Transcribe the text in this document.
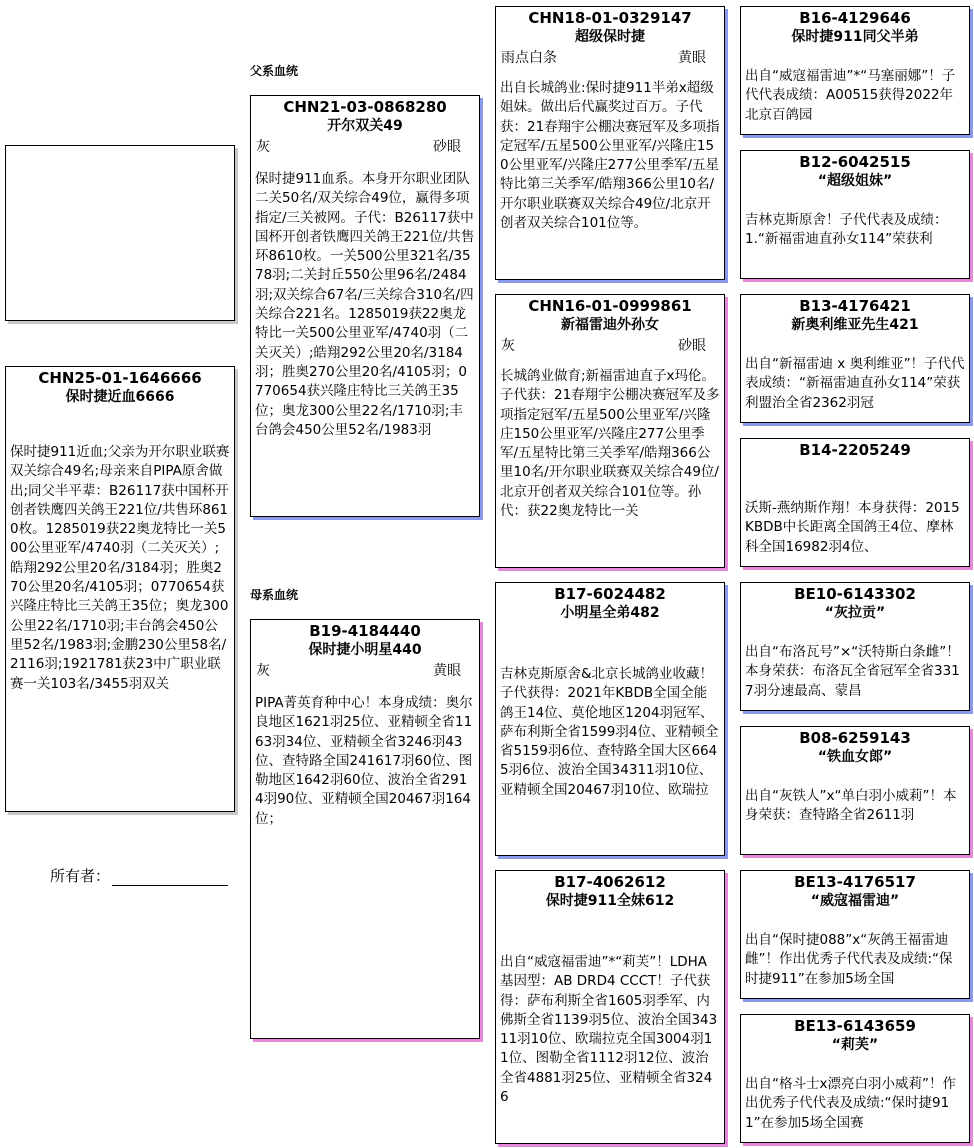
CHN25-01-1646666
保时捷近血6666
保时捷911近血;父亲为开尔职业联赛双关综合49名;母亲来自PIPA原舍做出;同父半平辈：B26117获中国杯开创者铁鹰四关鸽王221位/共售环8610枚。1285019获22奥龙特比一关500公里亚军/4740羽（二关灭关）;皓翔292公里20名/3184羽；胜奥270公里20名/4105羽；0770654获兴隆庄特比三关鸽王35位；奥龙300公里22名/1710羽;丰台鸽会450公里52名/1983羽;金鹏230公里58名/2116羽;1921781获23中广职业联赛一关103名/3455羽双关
所有者：
父系血统
母系血统
CHN21-03-0868280
开尔双关49
灰	砂眼
保时捷911血系。本身开尔职业团队二关50名/双关综合49位，赢得多项指定/三关被网。子代：B26117获中国杯开创者铁鹰四关鸽王221位/共售环8610枚。一关500公里321名/3578羽;二关封丘550公里96名/2484羽;双关综合67名/三关综合310名/四关综合221名。1285019获22奥龙特比一关500公里亚军/4740羽（二关灭关）;皓翔292公里20名/3184羽；胜奥270公里20名/4105羽；0770654获兴隆庄特比三关鸽王35位；奥龙300公里22名/1710羽;丰台鸽会450公里52名/1983羽
B19-4184440
保时捷小明星440
灰	黄眼
PIPA菁英育种中心！本身成绩：奥尔良地区1621羽25位、亚精顿全省1163羽34位、亚精顿全省3246羽43位、查特路全国241617羽60位、图勒地区1642羽60位、波治全省2914羽90位、亚精顿全国20467羽164位；
CHN18-01-0329147
超级保时捷
雨点白条	黄眼
出自长城鸽业:保时捷911半弟x超级姐妹。做出后代赢奖过百万。子代获：21春翔宇公棚决赛冠军及多项指定冠军/五星500公里亚军/兴隆庄150公里亚军/兴隆庄277公里季军/五星特比第三关季军/皓翔366公里10名/开尔职业联赛双关综合49位/北京开创者双关综合101位等。
CHN16-01-0999861
新福雷迪外孙女
灰	砂眼
长城鸽业做育;新福雷迪直子x玛伦。子代获：21春翔宇公棚决赛冠军及多项指定冠军/五星500公里亚军/兴隆庄150公里亚军/兴隆庄277公里季军/五星特比第三关季军/皓翔366公里10名/开尔职业联赛双关综合49位/北京开创者双关综合101位等。孙代：获22奥龙特比一关
B17-6024482
小明星全弟482
吉林克斯原舍&北京长城鸽业收藏！子代获得：2021年KBDB全国全能鸽王14位、莫伦地区1204羽冠军、萨布利斯全省1599羽4位、亚精顿全省5159羽6位、查特路全国大区6645羽6位、波治全国34311羽10位、亚精顿全国20467羽10位、欧瑞拉
B17-4062612
保时捷911全妹612
出自“威寇福雷迪”*“莉芙”！LDHA基因型：AB DRD4 CCCT！子代获得：萨布利斯全省1605羽季军、内佛斯全省1139羽5位、波治全国34311羽10位、欧瑞拉克全国3004羽11位、图勒全省1112羽12位、波治全省4881羽25位、亚精顿全省3246
B16-4129646
保时捷911同父半弟
出自“威寇福雷迪”*“马塞丽娜”！子代代表成绩：A00515获得2022年北京百鸽园
B12-6042515
“超级姐妹”
吉林克斯原舍！子代代表及成绩：1.“新福雷迪直孙女114”荣获利
B13-4176421
新奥利维亚先生421
出自“新福雷迪 x 奥利维亚”！子代代表成绩：“新福雷迪直孙女114”荣获利盟治全省2362羽冠
B14-2205249
沃斯-燕纳斯作翔！本身获得：2015KBDB中长距离全国鸽王4位、摩林科全国16982羽4位、
BE10-6143302
“灰拉贡”
出自“布洛瓦号”×“沃特斯白条雌”！本身荣获：布洛瓦全省冠军全省3317羽分速最高、蒙昌
B08-6259143
“铁血女郎”
出自“灰铁人”x“单白羽小威莉”！本身荣获：查特路全省2611羽
BE13-4176517
“威寇福雷迪”
出自“保时捷088”x“灰鸽王福雷迪雌”！作出优秀子代代表及成绩:“保时捷911”在参加5场全国
BE13-6143659
“莉芙”
出自“格斗士x漂亮白羽小威莉”！作出优秀子代代表及成绩:“保时捷911”在参加5场全国赛
